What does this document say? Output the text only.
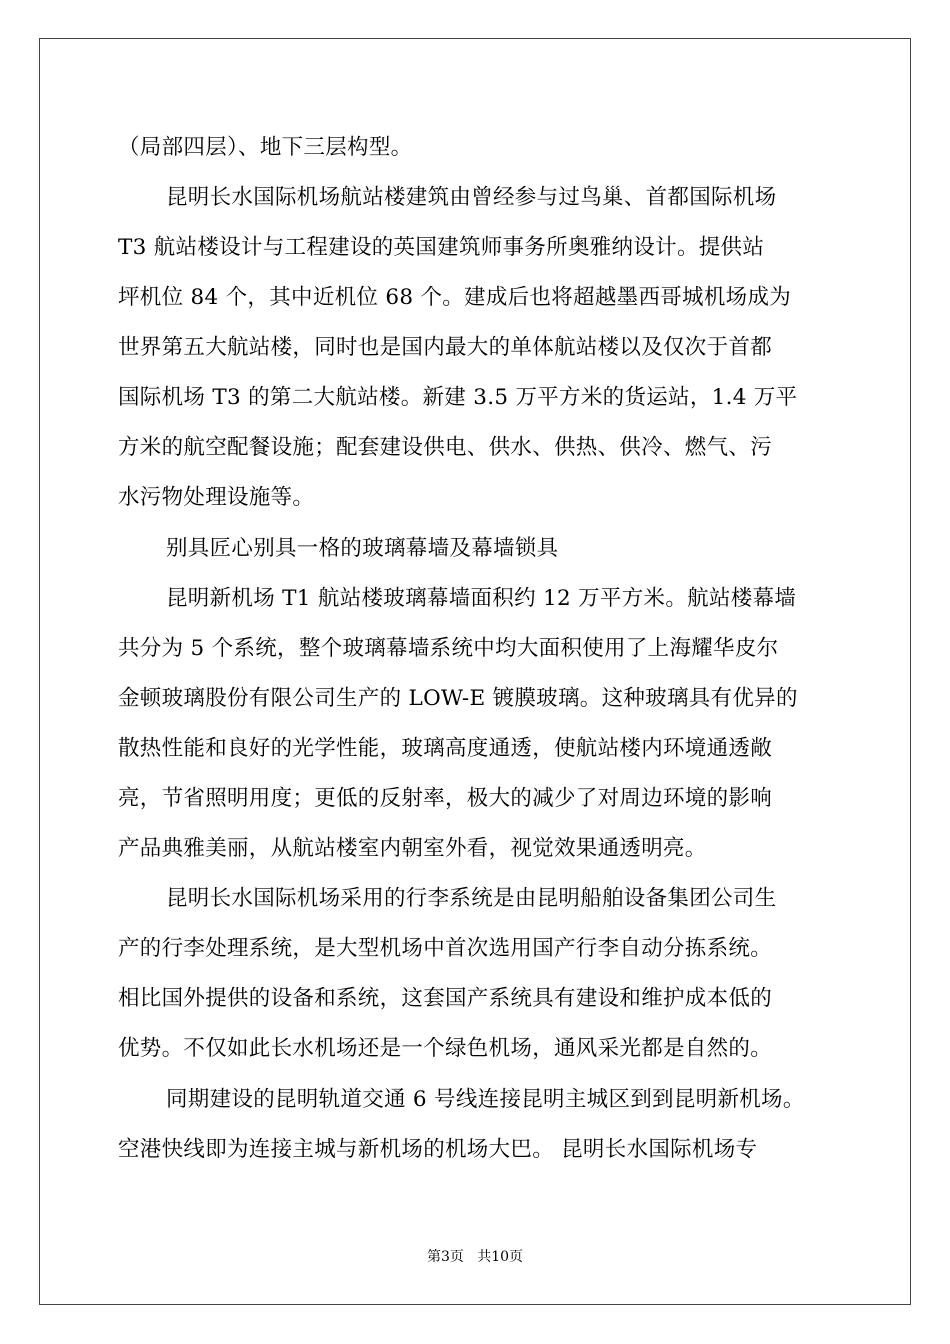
（局部四层）、地下三层构型。
昆明长水国际机场航站楼建筑由曾经参与过鸟巢、首都国际机场
T3 航站楼设计与工程建设的英国建筑师事务所奥雅纳设计。提供站
坪机位 84 个，其中近机位 68 个。建成后也将超越墨西哥城机场成为
世界第五大航站楼，同时也是国内最大的单体航站楼以及仅次于首都
国际机场 T3 的第二大航站楼。新建 3.5 万平方米的货运站，1.4 万平
方米的航空配餐设施；配套建设供电、供水、供热、供冷、燃气、污
水污物处理设施等。
别具匠心别具一格的玻璃幕墙及幕墙锁具
昆明新机场 T1 航站楼玻璃幕墙面积约 12 万平方米。航站楼幕墙
共分为 5 个系统，整个玻璃幕墙系统中均大面积使用了上海耀华皮尔
金顿玻璃股份有限公司生产的 LOW-E 镀膜玻璃。这种玻璃具有优异的
散热性能和良好的光学性能，玻璃高度通透，使航站楼内环境通透敞
亮，节省照明用度；更低的反射率，极大的减少了对周边环境的影响
产品典雅美丽，从航站楼室内朝室外看，视觉效果通透明亮。
昆明长水国际机场采用的行李系统是由昆明船舶设备集团公司生
产的行李处理系统，是大型机场中首次选用国产行李自动分拣系统。
相比国外提供的设备和系统，这套国产系统具有建设和维护成本低的
优势。不仅如此长水机场还是一个绿色机场，通风采光都是自然的。
同期建设的昆明轨道交通 6 号线连接昆明主城区到到昆明新机场。
空港快线即为连接主城与新机场的机场大巴。 昆明长水国际机场专
第3页   共10页
